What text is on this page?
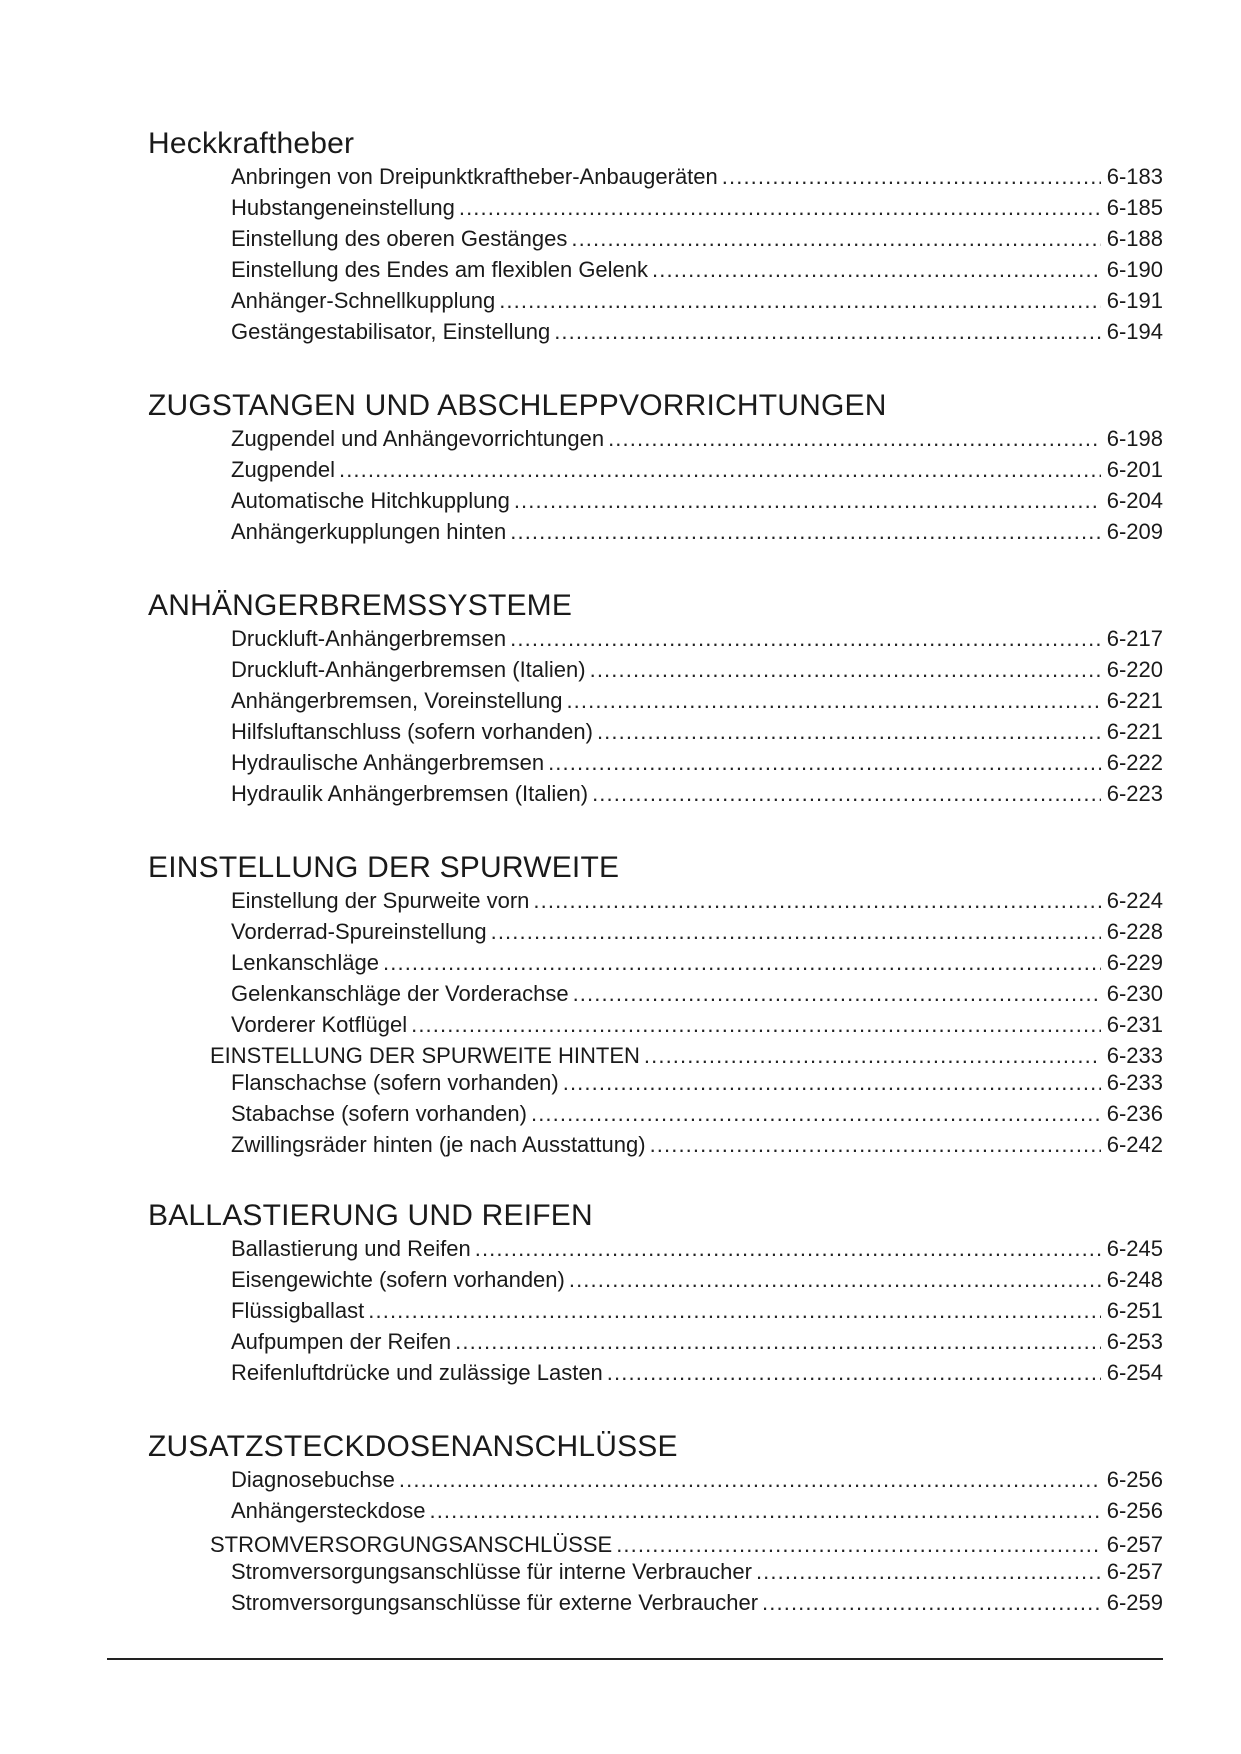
Heckkraftheber
Anbringen von Dreipunktkraftheber-Anbaugeräten . . .	6-183
Hubstangeneinstellung . . .	6-185
Einstellung des oberen Gestänges . . .	6-188
Einstellung des Endes am flexiblen Gelenk . . .	6-190
Anhänger-Schnellkupplung . . .	6-191
Gestängestabilisator, Einstellung . . .	6-194
ZUGSTANGEN UND ABSCHLEPPVORRICHTUNGEN
Zugpendel und Anhängevorrichtungen . . .	6-198
Zugpendel . . .	6-201
Automatische Hitchkupplung . . .	6-204
Anhängerkupplungen hinten . . .	6-209
ANHÄNGERBREMSSYSTEME
Druckluft-Anhängerbremsen . . .	6-217
Druckluft-Anhängerbremsen (Italien) . . .	6-220
Anhängerbremsen, Voreinstellung . . .	6-221
Hilfsluftanschluss (sofern vorhanden) . . .	6-221
Hydraulische Anhängerbremsen . . .	6-222
Hydraulik Anhängerbremsen (Italien) . . .	6-223
EINSTELLUNG DER SPURWEITE
Einstellung der Spurweite vorn . . .	6-224
Vorderrad-Spureinstellung . . .	6-228
Lenkanschläge . . .	6-229
Gelenkanschläge der Vorderachse . . .	6-230
Vorderer Kotflügel . . .	6-231
EINSTELLUNG DER SPURWEITE HINTEN . . .	6-233
Flanschachse (sofern vorhanden) . . .	6-233
Stabachse (sofern vorhanden) . . .	6-236
Zwillingsräder hinten (je nach Ausstattung) . . .	6-242
BALLASTIERUNG UND REIFEN
Ballastierung und Reifen . . .	6-245
Eisengewichte (sofern vorhanden) . . .	6-248
Flüssigballast . . .	6-251
Aufpumpen der Reifen . . .	6-253
Reifenluftdrücke und zulässige Lasten . . .	6-254
ZUSATZSTECKDOSENANSCHLÜSSE
Diagnosebuchse . . .	6-256
Anhängersteckdose . . .	6-256
STROMVERSORGUNGSANSCHLÜSSE . . .	6-257
Stromversorgungsanschlüsse für interne Verbraucher . . .	6-257
Stromversorgungsanschlüsse für externe Verbraucher . . .	6-259
